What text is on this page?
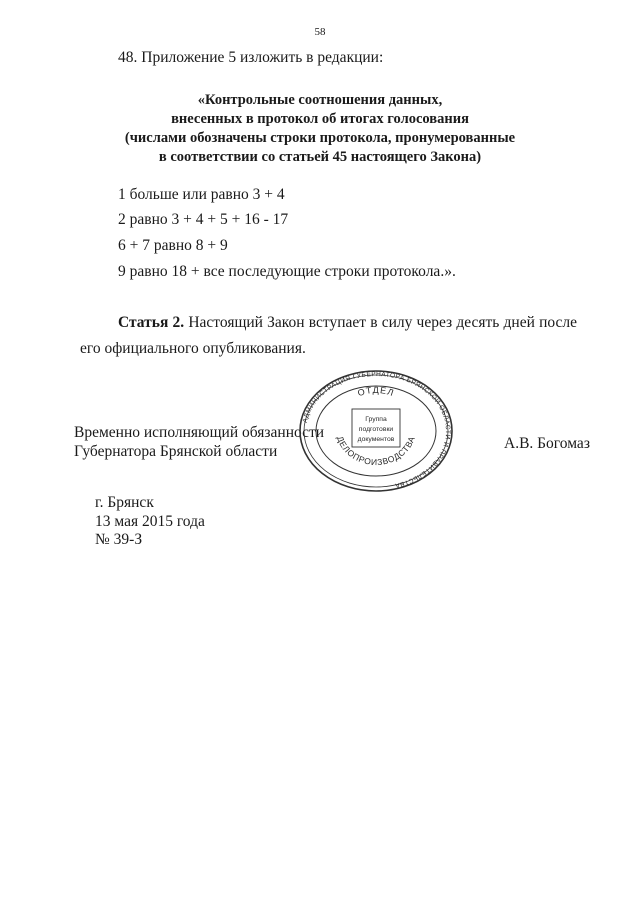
58
48. Приложение 5 изложить в редакции:
«Контрольные соотношения данных,
внесенных в протокол об итогах голосования
(числами обозначены строки протокола, пронумерованные
в соответствии со статьей 45 настоящего Закона)
1 больше или равно 3 + 4
2 равно 3 + 4 + 5 + 16 - 17
6 + 7 равно 8 + 9
9 равно 18 + все последующие строки протокола.».
Статья 2. Настоящий Закон вступает в силу через десять дней после
его официального опубликования.
Временно исполняющий обязанности
Губернатора Брянской области	А.В. Богомаз
АДМИНИСТРАЦИЯ ГУБЕРНАТОРА БРЯНСКОЙ ОБЛАСТИ И ПРАВИТЕЛЬСТВА
ОТДЕЛ
ДЕЛОПРОИЗВОДСТВА
Группа
подготовки
документов
г. Брянск
13 мая 2015 года
№ 39-З
